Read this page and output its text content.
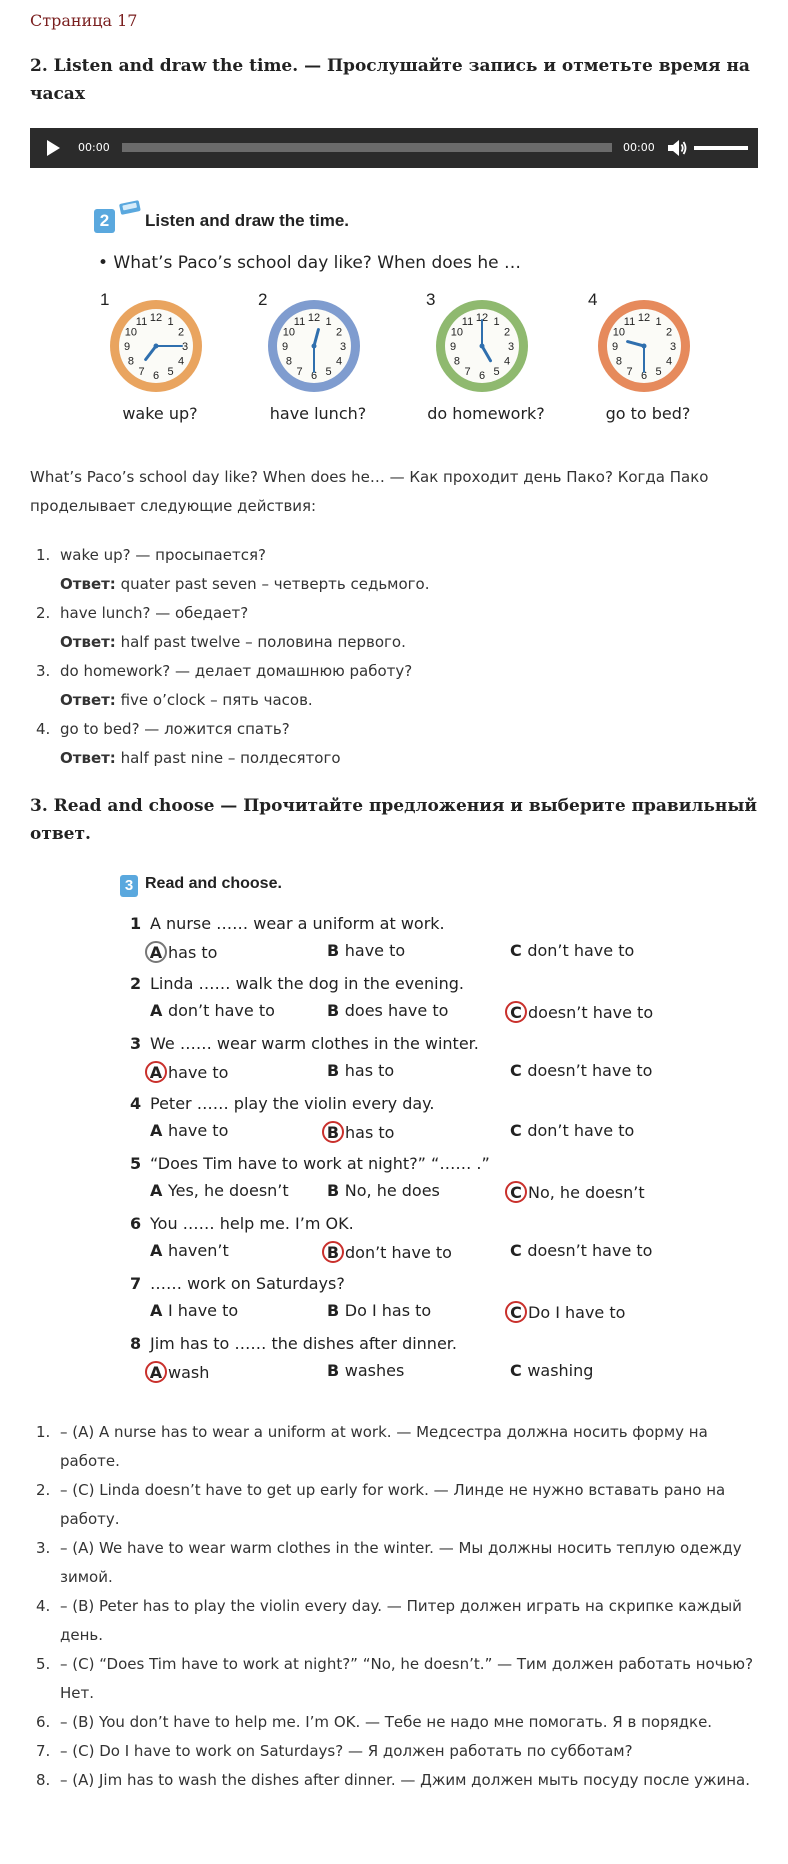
Страница 17
2. Listen and draw the time. — Прослушайте запись и отметьте время на часах
00:00	00:00
2	Listen and draw the time.
• What’s Paco’s school day like? When does he …
1
1
2
3
4
5
6
7
8
9
10
11 12
wake up?
2
1
2
3
4
5
6
7
8
9
10
11 12
have lunch?
3
1
2
3
4
5
6
7
8
9
10
11 12
do homework?
4
1
2
3
4
5
6
7
8
9
10
11 12
go to bed?
What’s Paco’s school day like? When does he… — Как проходит день Пако? Когда Пако проделывает следующие действия:
1. wake up? — просыпается?
Ответ: quater past seven – четверть седьмого.
2. have lunch? — обедает?
Ответ: half past twelve – половина первого.
3. do homework? — делает домашнюю работу?
Ответ: five o’clock – пять часов.
4. go to bed? — ложится спать?
Ответ: half past nine – полдесятого
3. Read and choose — Прочитайте предложения и выберите правильный ответ.
3 Read and choose.
1 A nurse …… wear a uniform at work.
A has to	B have to	C don’t have to
2 Linda …… walk the dog in the evening.
A don’t have to	B does have to	C doesn’t have to
3 We …… wear warm clothes in the winter.
A have to	B has to	C doesn’t have to
4 Peter …… play the violin every day.
A have to	B has to	C don’t have to
5 “Does Tim have to work at night?” “…… .”
A Yes, he doesn’t B No, he does	C No, he doesn’t
6 You …… help me. I’m OK.
A haven’t	B don’t have to	C doesn’t have to
7 …… work on Saturdays?
A I have to	B Do I has to	C Do I have to
8 Jim has to …… the dishes after dinner.
A wash	B washes	C washing
1. – (A) A nurse has to wear a uniform at work. — Медсестра должна носить форму на работе.
2. – (C) Linda doesn’t have to get up early for work. — Линде не нужно вставать рано на работу.
3. – (A) We have to wear warm clothes in the winter. — Мы должны носить теплую одежду зимой.
4. – (B) Peter has to play the violin every day. — Питер должен играть на скрипке каждый день.
5. – (C) “Does Tim have to work at night?” “No, he doesn’t.” — Тим должен работать ночью? Нет.
6. – (B) You don’t have to help me. I’m OK. — Тебе не надо мне помогать. Я в порядке.
7. – (C) Do I have to work on Saturdays? — Я должен работать по субботам?
8. – (A) Jim has to wash the dishes after dinner. — Джим должен мыть посуду после ужина.
